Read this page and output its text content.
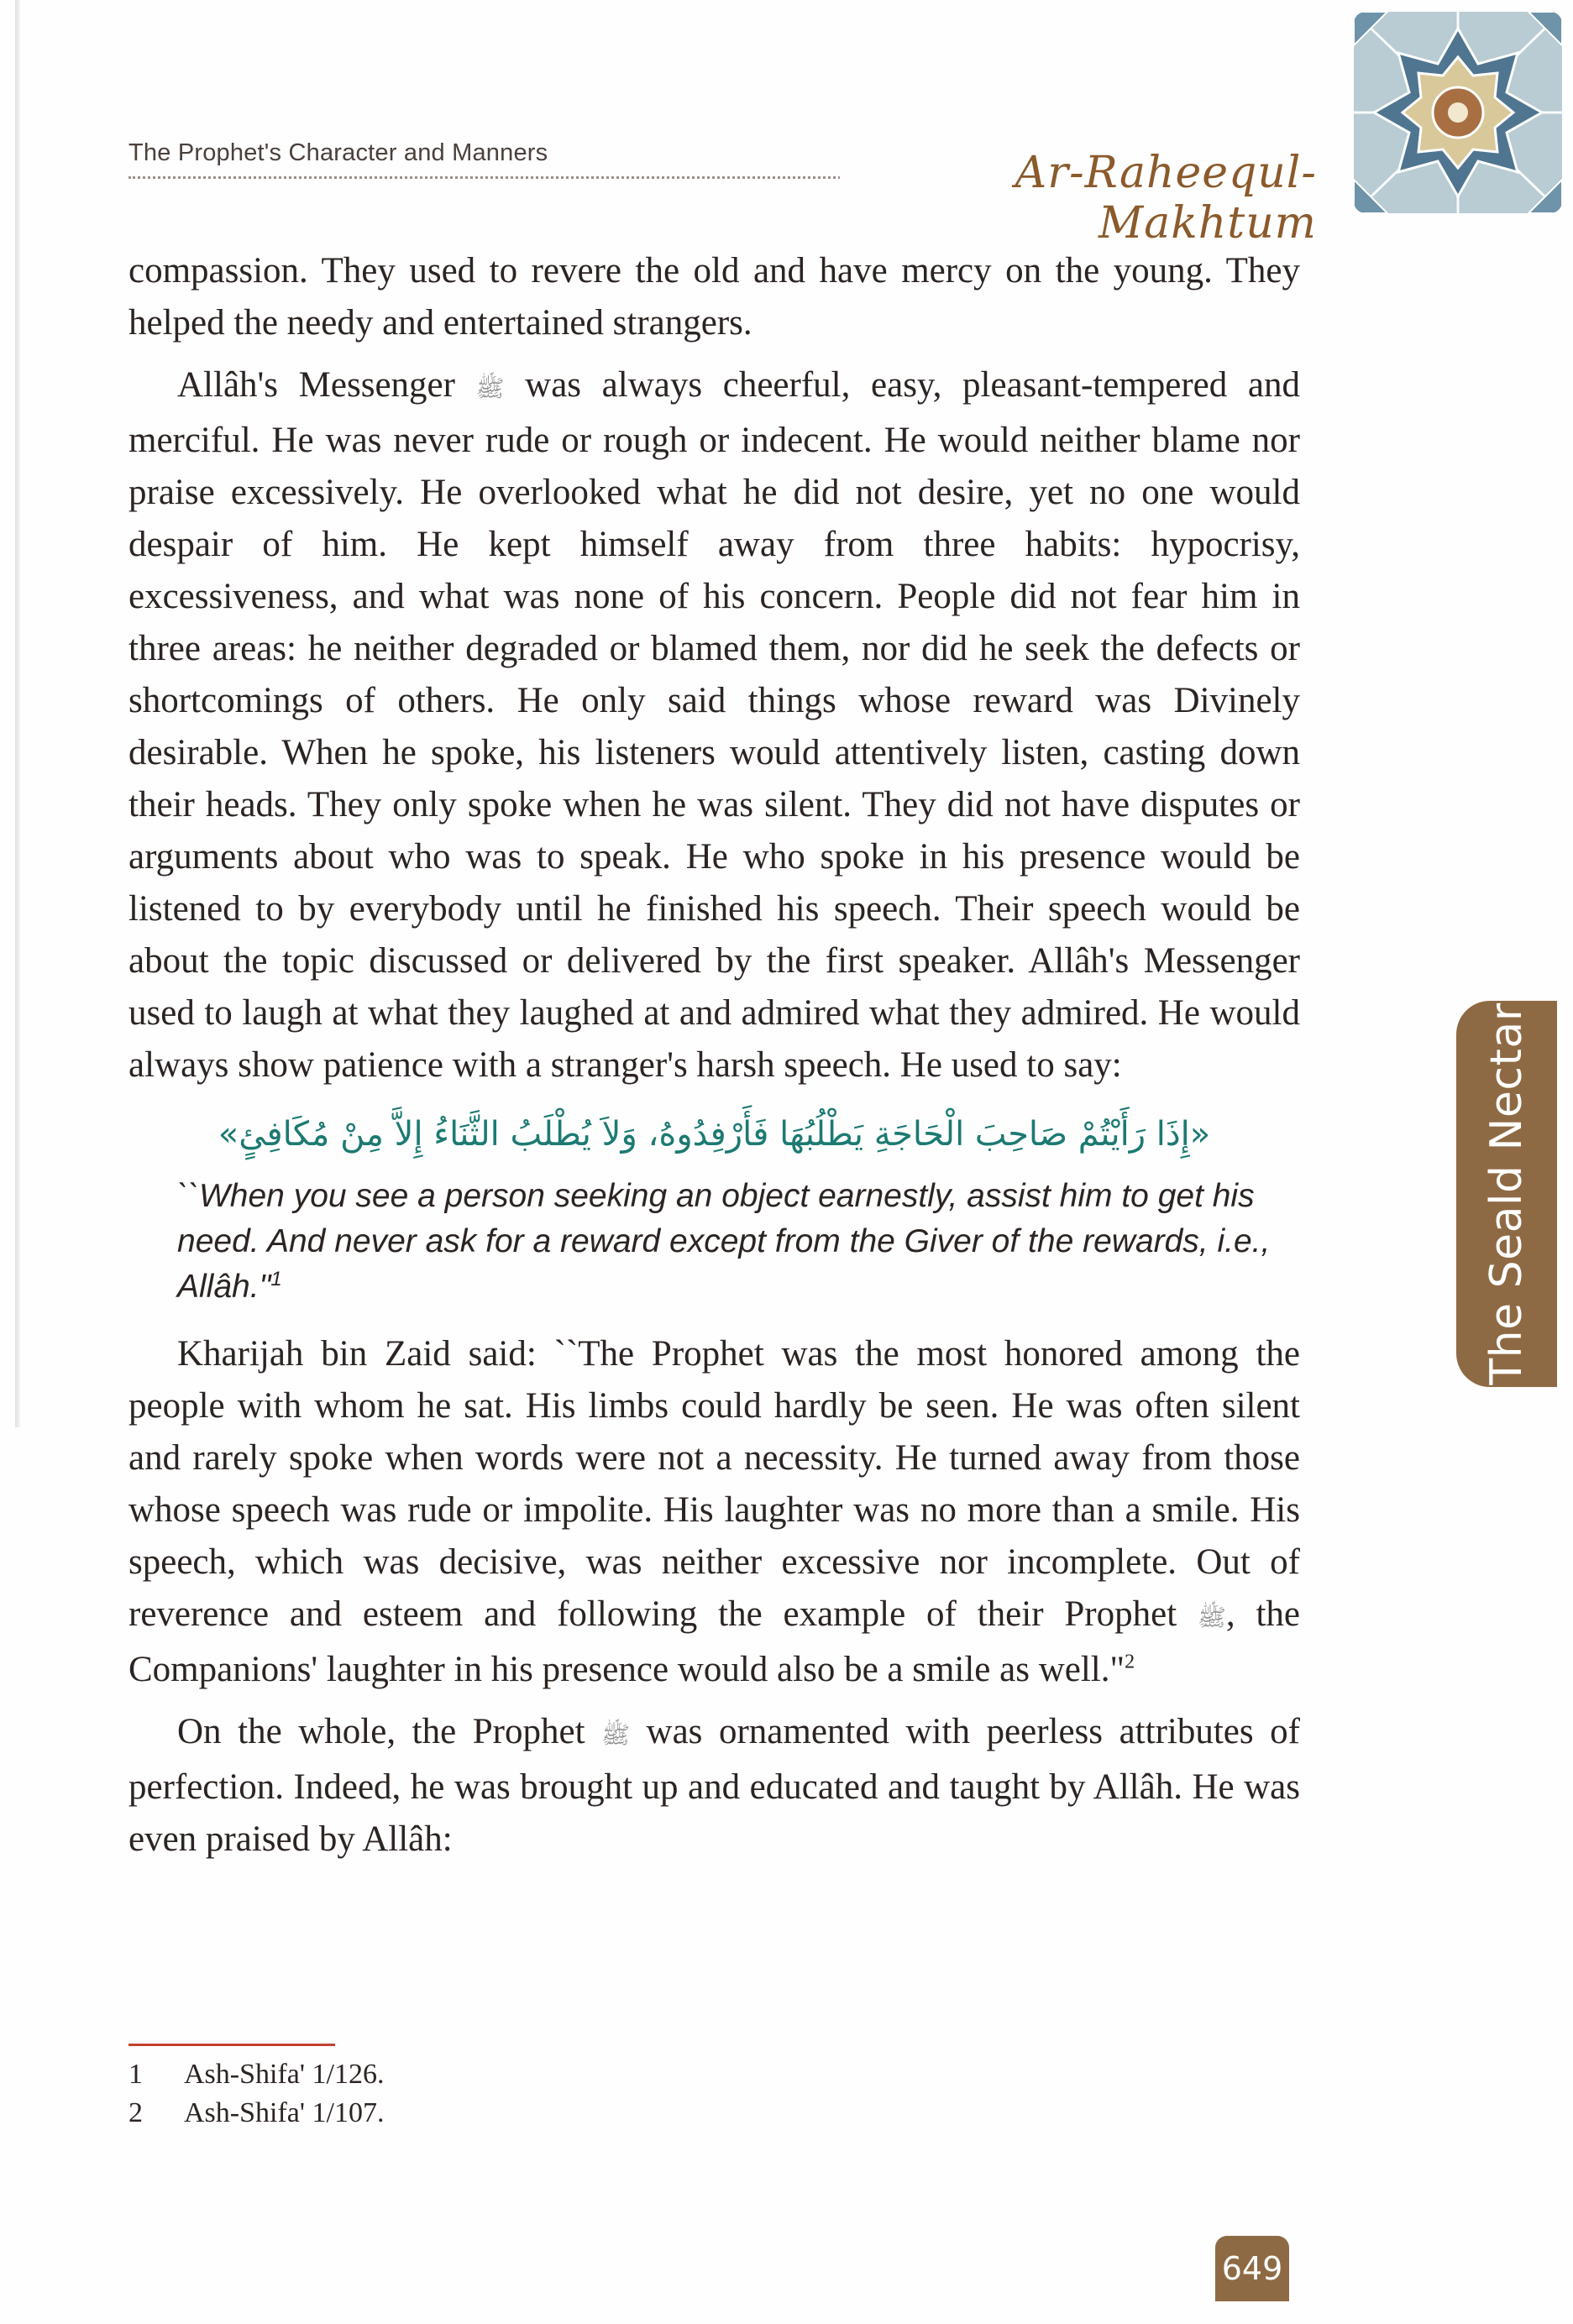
The Prophet's Character and Manners	Ar-Raheequl-Makhtum
The Seald Nectar

compassion. They used to revere the old and have mercy on the young. They helped the needy and entertained strangers.

Allâh's Messenger ﷺ was always cheerful, easy, pleasant-tempered and merciful. He was never rude or rough or indecent. He would neither blame nor praise excessively. He overlooked what he did not desire, yet no one would despair of him. He kept himself away from three habits: hypocrisy, excessiveness, and what was none of his concern. People did not fear him in three areas: he neither degraded or blamed them, nor did he seek the defects or shortcomings of others. He only said things whose reward was Divinely desirable. When he spoke, his listeners would attentively listen, casting down their heads. They only spoke when he was silent. They did not have disputes or arguments about who was to speak. He who spoke in his presence would be listened to by everybody until he finished his speech. Their speech would be about the topic discussed or delivered by the first speaker. Allâh's Messenger used to laugh at what they laughed at and admired what they admired. He would always show patience with a stranger's harsh speech. He used to say:

«إِذَا رَأَيْتُمْ صَاحِبَ الْحَاجَةِ يَطْلُبُهَا فَأَرْفِدُوهُ، وَلاَ يُطْلَبُ الثَّنَاءُ إِلاَّ مِنْ مُكَافِئٍ»
``When you see a person seeking an object earnestly, assist him to get his need. And never ask for a reward except from the Giver of the rewards, i.e., Allâh."$^1$

Kharijah bin Zaid said: ``The Prophet was the most honored among the people with whom he sat. His limbs could hardly be seen. He was often silent and rarely spoke when words were not a necessity. He turned away from those whose speech was rude or impolite. His laughter was no more than a smile. His speech, which was decisive, was neither excessive nor incomplete. Out of reverence and esteem and following the example of their Prophet ﷺ, the Companions' laughter in his presence would also be a smile as well."$^2$

On the whole, the Prophet ﷺ was ornamented with peerless attributes of perfection. Indeed, he was brought up and educated and taught by Allâh. He was even praised by Allâh:

1	Ash-Shifa' 1/126.
2	Ash-Shifa' 1/107.
649
